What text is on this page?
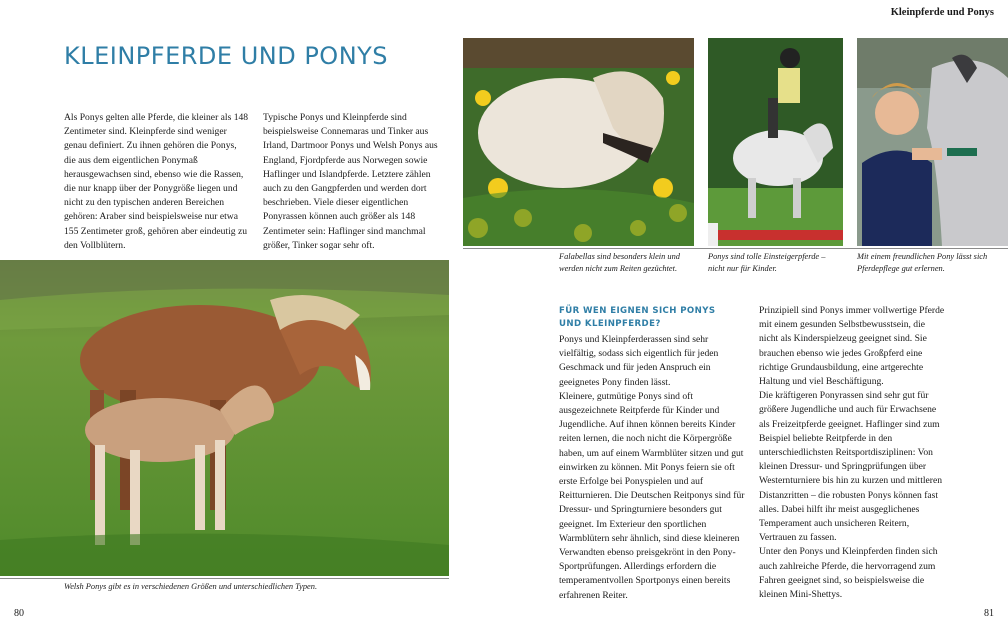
Kleinpferde und Ponys
KLEINPFERDE UND PONYS
Als Ponys gelten alle Pferde, die kleiner als 148 Zentimeter sind. Kleinpferde sind weniger genau definiert. Zu ihnen gehören die Ponys, die aus dem eigentlichen Ponymaß herausgewachsen sind, ebenso wie die Rassen, die nur knapp über der Ponygröße liegen und nicht zu den typischen anderen Bereichen gehören: Araber sind beispielsweise nur etwa 155 Zentimeter groß, gehören aber eindeutig zu den Vollblütern.
Typische Ponys und Kleinpferde sind beispielsweise Connemaras und Tinker aus Irland, Dartmoor Ponys und Welsh Ponys aus England, Fjordpferde aus Norwegen sowie Haflinger und Islandpferde. Letztere zählen auch zu den Gangpferden und werden dort beschrieben. Viele dieser eigentlichen Ponyrassen können auch größer als 148 Zentimeter sein: Haflinger sind manchmal größer, Tinker sogar sehr oft.
Welsh Ponys gibt es in verschiedenen Größen und unterschiedlichen Typen.
Falabellas sind besonders klein und werden nicht zum Reiten gezüchtet.
Ponys sind tolle Einsteigerpferde – nicht nur für Kinder.
Mit einem freundlichen Pony lässt sich Pferdepflege gut erlernen.
FÜR WEN EIGNEN SICH PONYS UND KLEINPFERDE?
Ponys und Kleinpferderassen sind sehr vielfältig, sodass sich eigentlich für jeden Geschmack und für jeden Anspruch ein geeignetes Pony finden lässt.
Kleinere, gutmütige Ponys sind oft ausgezeichnete Reitpferde für Kinder und Jugendliche. Auf ihnen können bereits Kinder reiten lernen, die noch nicht die Körpergröße haben, um auf einem Warmblüter sitzen und gut einwirken zu können. Mit Ponys feiern sie oft erste Erfolge bei Ponyspielen und auf Reitturnieren. Die Deutschen Reitponys sind für Dressur- und Springturniere besonders gut geeignet. Im Exterieur den sportlichen Warmblütern sehr ähnlich, sind diese kleineren Verwandten ebenso preisgekrönt in den Pony-Sportprüfungen. Allerdings erfordern die temperamentvollen Sportponys einen bereits erfahrenen Reiter.
Prinzipiell sind Ponys immer vollwertige Pferde mit einem gesunden Selbstbewusstsein, die nicht als Kinderspielzeug geeignet sind. Sie brauchen ebenso wie jedes Großpferd eine richtige Grundausbildung, eine artgerechte Haltung und viel Beschäftigung.
Die kräftigeren Ponyrassen sind sehr gut für größere Jugendliche und auch für Erwachsene als Freizeitpferde geeignet. Haflinger sind zum Beispiel beliebte Reitpferde in den unterschiedlichsten Reitsportdisziplinen: Von kleinen Dressur- und Springprüfungen über Westernturniere bis hin zu kurzen und mittleren Distanzritten – die robusten Ponys können fast alles. Dabei hilft ihr meist ausgeglichenes Temperament auch unsicheren Reitern, Vertrauen zu fassen.
Unter den Ponys und Kleinpferden finden sich auch zahlreiche Pferde, die hervorragend zum Fahren geeignet sind, so beispielsweise die kleinen Mini-Shettys.
80	81
